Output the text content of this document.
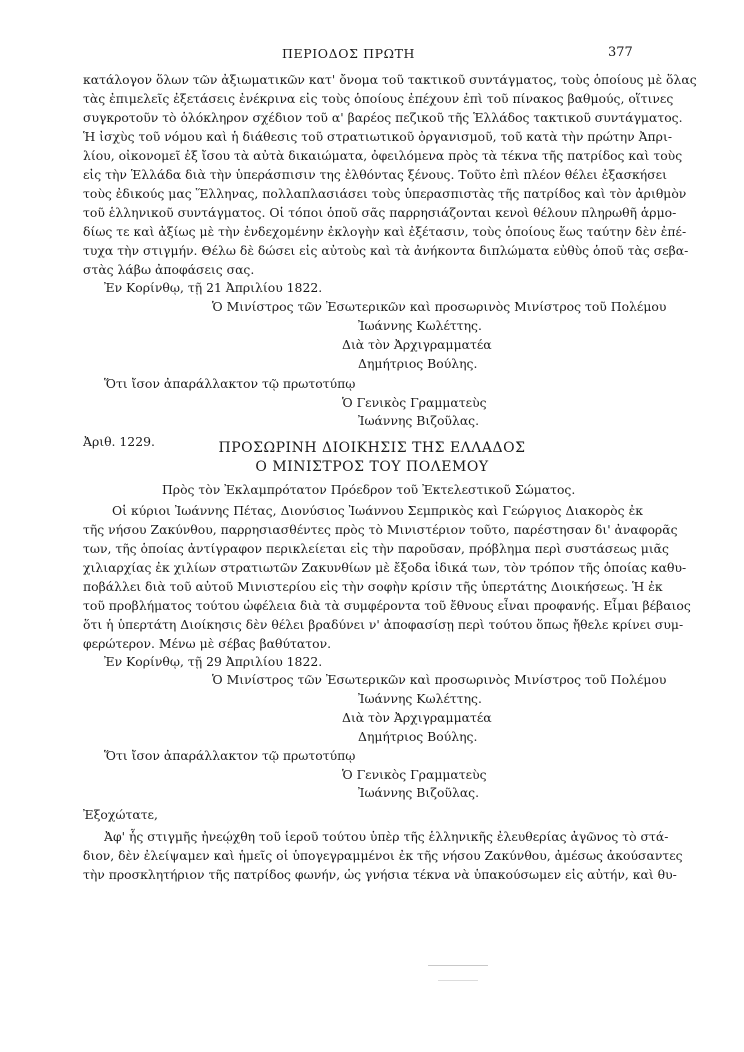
ΠΕΡΙΟΔΟΣ ΠΡΩΤΗ	377
κατάλογον ὅλων τῶν ἀξιωματικῶν κατ' ὄνομα τοῦ τακτικοῦ συντάγματος, τοὺς ὁποίους μὲ ὅλας
τὰς ἐπιμελεῖς ἐξετάσεις ἐνέκρινα εἰς τοὺς ὁποίους ἐπέχουν ἐπὶ τοῦ πίνακος βαθμούς, οἵτινες
συγκροτοῦν τὸ ὁλόκληρον σχέδιον τοῦ α' βαρέος πεζικοῦ τῆς Ἑλλάδος τακτικοῦ συντάγματος.
Ἡ ἰσχὺς τοῦ νόμου καὶ ἡ διάθεσις τοῦ στρατιωτικοῦ ὀργανισμοῦ, τοῦ κατὰ τὴν πρώτην Ἀπρι-
λίου, οἰκονομεῖ ἐξ ἴσου τὰ αὐτὰ δικαιώματα, ὀφειλόμενα πρὸς τὰ τέκνα τῆς πατρίδος καὶ τοὺς
εἰς τὴν Ἑλλάδα διὰ τὴν ὑπεράσπισιν της ἐλθόντας ξένους. Τοῦτο ἐπὶ πλέον θέλει ἐξασκήσει
τοὺς ἐδικούς μας Ἕλληνας, πολλαπλασιάσει τοὺς ὑπερασπιστὰς τῆς πατρίδος καὶ τὸν ἀριθμὸν
τοῦ ἑλληνικοῦ συντάγματος. Οἱ τόποι ὁποῦ σᾶς παρρησιάζονται κενοὶ θέλουν πληρωθῆ ἁρμο-
δίως τε καὶ ἀξίως μὲ τὴν ἐνδεχομένην ἐκλογὴν καὶ ἐξέτασιν, τοὺς ὁποίους ἕως ταύτην δὲν ἐπέ-
τυχα τὴν στιγμήν. Θέλω δὲ δώσει εἰς αὐτοὺς καὶ τὰ ἀνήκοντα διπλώματα εὐθὺς ὁποῦ τὰς σεβα-
στὰς λάβω ἀποφάσεις σας.
Ἐν Κορίνθῳ, τῇ 21 Ἀπριλίου 1822.
Ὁ Μινίστρος τῶν Ἐσωτερικῶν καὶ προσωρινὸς Μινίστρος τοῦ Πολέμου
Ἰωάννης Κωλέττης.
Διὰ τὸν Ἀρχιγραμματέα
Δημήτριος Βούλης.
Ὅτι ἴσον ἀπαράλλακτον τῷ πρωτοτύπῳ
Ὁ Γενικὸς Γραμματεὺς
Ἰωάννης Βιζοῦλας.
Ἀριθ. 1229.	ΠΡΟΣΩΡΙΝΗ ΔΙΟΙΚΗΣΙΣ ΤΗΣ ΕΛΛΑΔΟΣ
Ο ΜΙΝΙΣΤΡΟΣ ΤΟΥ ΠΟΛΕΜΟΥ
Πρὸς τὸν Ἐκλαμπρότατον Πρόεδρον τοῦ Ἐκτελεστικοῦ Σώματος.
Οἱ κύριοι Ἰωάννης Πέτας, Διονύσιος Ἰωάννου Σεμπρικὸς καὶ Γεώργιος Διακορὸς ἐκ
τῆς νήσου Ζακύνθου, παρρησιασθέντες πρὸς τὸ Μινιστέριον τοῦτο, παρέστησαν δι' ἀναφορᾶς
των, τῆς ὁποίας ἀντίγραφον περικλείεται εἰς τὴν παροῦσαν, πρόβλημα περὶ συστάσεως μιᾶς
χιλιαρχίας ἐκ χιλίων στρατιωτῶν Ζακυνθίων μὲ ἔξοδα ἰδικά των, τὸν τρόπον τῆς ὁποίας καθυ-
ποβάλλει διὰ τοῦ αὐτοῦ Μινιστερίου εἰς τὴν σοφὴν κρίσιν τῆς ὑπερτάτης Διοικήσεως. Ἡ ἐκ
τοῦ προβλήματος τούτου ὠφέλεια διὰ τὰ συμφέροντα τοῦ ἔθνους εἶναι προφανής. Εἶμαι βέβαιος
ὅτι ἡ ὑπερτάτη Διοίκησις δὲν θέλει βραδύνει ν' ἀποφασίσῃ περὶ τούτου ὅπως ἤθελε κρίνει συμ-
φερώτερον. Μένω μὲ σέβας βαθύτατον.
Ἐν Κορίνθῳ, τῇ 29 Ἀπριλίου 1822.
Ὁ Μινίστρος τῶν Ἐσωτερικῶν καὶ προσωρινὸς Μινίστρος τοῦ Πολέμου
Ἰωάννης Κωλέττης.
Διὰ τὸν Ἀρχιγραμματέα
Δημήτριος Βούλης.
Ὅτι ἴσον ἀπαράλλακτον τῷ πρωτοτύπῳ
Ὁ Γενικὸς Γραμματεὺς
Ἰωάννης Βιζοῦλας.
Ἐξοχώτατε,
Ἀφ' ἧς στιγμῆς ἠνεῴχθη τοῦ ἱεροῦ τούτου ὑπὲρ τῆς ἑλληνικῆς ἐλευθερίας ἀγῶνος τὸ στά-
διον, δὲν ἐλείψαμεν καὶ ἡμεῖς οἱ ὑπογεγραμμένοι ἐκ τῆς νήσου Ζακύνθου, ἀμέσως ἀκούσαντες
τὴν προσκλητήριον τῆς πατρίδος φωνήν, ὡς γνήσια τέκνα νὰ ὑπακούσωμεν εἰς αὐτήν, καὶ θυ-
